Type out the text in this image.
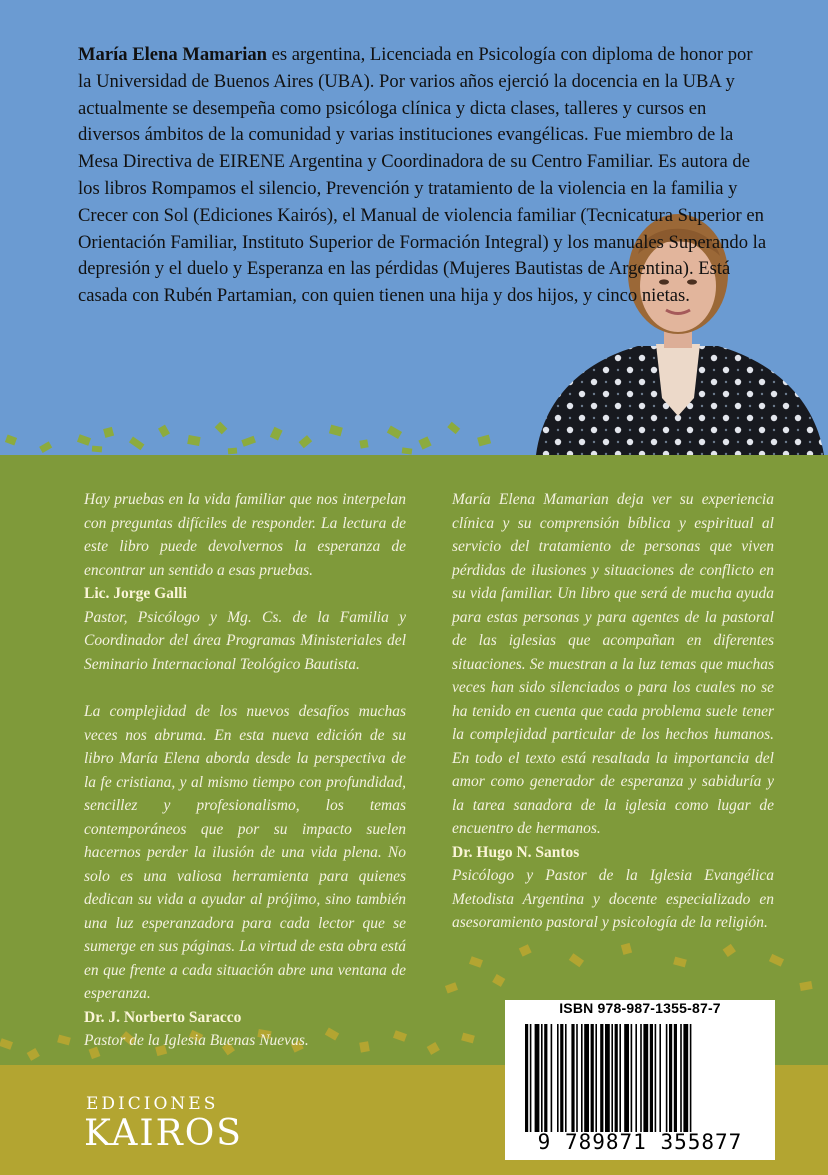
María Elena Mamarian es argentina, Licenciada en Psicología con diploma de honor por la Universidad de Buenos Aires (UBA). Por varios años ejerció la docencia en la UBA y actualmente se desempeña como psicóloga clínica y dicta clases, talleres y cursos en diversos ámbitos de la comunidad y varias instituciones evangélicas. Fue miembro de la Mesa Directiva de EIRENE Argentina y Coordinadora de su Centro Familiar. Es autora de los libros Rompamos el silencio, Prevención y tratamiento de la violencia en la familia y Crecer con Sol (Ediciones Kairós), el Manual de violencia familiar (Tecnicatura Superior en Orientación Familiar, Instituto Superior de Formación Integral) y los manuales Superando la depresión y el duelo y Esperanza en las pérdidas (Mujeres Bautistas de Argentina). Está casada con Rubén Partamian, con quien tienen una hija y dos hijos, y cinco nietas.

Hay pruebas en la vida familiar que nos interpelan con preguntas difíciles de responder. La lectura de este libro puede devolvernos la esperanza de encontrar un sentido a esas pruebas.

Lic. Jorge Galli

Pastor, Psicólogo y Mg. Cs. de la Familia y Coordinador del área Programas Ministeriales del Seminario Internacional Teológico Bautista.

La complejidad de los nuevos desafíos muchas veces nos abruma. En esta nueva edición de su libro María Elena aborda desde la perspectiva de la fe cristiana, y al mismo tiempo con profundidad, sencillez y profesionalismo, los temas contemporáneos que por su impacto suelen hacernos perder la ilusión de una vida plena. No solo es una valiosa herramienta para quienes dedican su vida a ayudar al prójimo, sino también una luz esperanzadora para cada lector que se sumerge en sus páginas. La virtud de esta obra está en que frente a cada situación abre una ventana de esperanza.

Dr. J. Norberto Saracco

Pastor de la Iglesia Buenas Nuevas.

María Elena Mamarian deja ver su experiencia clínica y su comprensión bíblica y espiritual al servicio del tratamiento de personas que viven pérdidas de ilusiones y situaciones de conflicto en su vida familiar. Un libro que será de mucha ayuda para estas personas y para agentes de la pastoral de las iglesias que acompañan en diferentes situaciones. Se muestran a la luz temas que muchas veces han sido silenciados o para los cuales no se ha tenido en cuenta que cada problema suele tener la complejidad particular de los hechos humanos. En todo el texto está resaltada la importancia del amor como generador de esperanza y sabiduría y la tarea sanadora de la iglesia como lugar de encuentro de hermanos.

Dr. Hugo N. Santos

Psicólogo y Pastor de la Iglesia Evangélica Metodista Argentina y docente especializado en asesoramiento pastoral y psicología de la religión.

ISBN 978-987-1355-87-7
9 789871 355877
EDICIONES
KAIROS
